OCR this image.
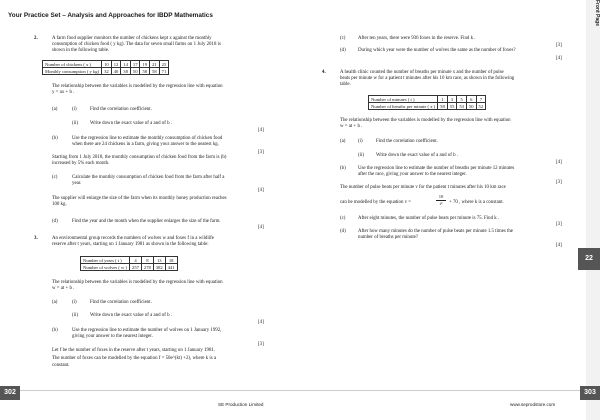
Your Practice Set – Analysis and Approaches for IBDP Mathematics	Front Page
2.	A farm food supplier monitors the number of chickens kept x against the monthly
consumption of chicken food ( y kg). The data for seven small farms on 1 July 2018 is
shown in the following table.
Number of chickens ( x )	10	12	14	17	19	21	25
Monthly consumption ( y kg)	32	40	38	50	58	58	71
The relationship between the variables is modelled by the regression line with equation
y = ax + b .
(a)	(i)	Find the correlation coefficient.
(ii) Write down the exact value of a and of b .
[4]
(b)	Use the regression line to estimate the monthly consumption of chicken food
when there are 24 chickens in a farm, giving your answer to the nearest kg.
[3]
Starting from 1 July 2018, the monthly consumption of chicken food from the farm is (b)
increased by 5% each month.
(c)	Calculate the monthly consumption of chicken food from the farm after half a
year.
[4]
The supplier will enlarge the size of the farm when its monthly honey production reaches
100 kg.
(d)	Find the year and the month when the supplier enlarges the size of the farm.
[4]
3.	An environmental group records the numbers of wolves w and foxes f in a wildlife
reserve after t years, starting on 1 January 1981 as shown in the following table:
Number of years ( t )	4	8	13	18
Number of wolves ( w )	257	278	382	441
The relationship between the variables is modelled by the regression line with equation
w = at + b .
(a)	(i)	Find the correlation coefficient.
(ii) Write down the exact value of a and of b .
[4]
(b)	Use the regression line to estimate the number of wolves on 1 January 1992,
giving your answer to the nearest integer.
[3]
Let f be the number of foxes in the reserve after t years, starting on 1 January 1981.
The number of foxes can be modelled by the equation f = 50e^(kt) +2), where k is a
constant.
(c)	After ten years, there were 936 foxes in the reserve. Find k .
[3]
(d)	During which year were the number of wolves the same as the number of foxes?
[4]
4.	A health clinic counted the number of breaths per minute x and the number of pulse
beats per minute w for a patient t minutes after his 10 km race, as shown in the following
table.
Number of minutes ( t )	1	3	5	6	7
Number of breaths per minute ( x )	58	55	53	50	52
The relationship between the variables is modelled by the regression line with equation
w = at + b .
(a)	(i)	Find the correlation coefficient.
(ii) Write down the exact value of a and of b .
[4]
(b)	Use the regression line to estimate the number of breaths per minute 12 minutes
after the race, giving your answer to the nearest integer.
[3]
The number of pulse beats per minute v for the patient t minutes after his 10 km race
can be modelled by the equation v =	$\frac{10}{\text{t²}} + 70$ , where k is a constant.
(c)	After eight minutes, the number of pulse beats per minute is 75. Find k .
[3]
(d)	After how many minutes do the number of pulse beats per minute 1.5 times the
number of breaths per minute?
[4]
22
302
SE Production Limited	www.seprodstore.com
303
